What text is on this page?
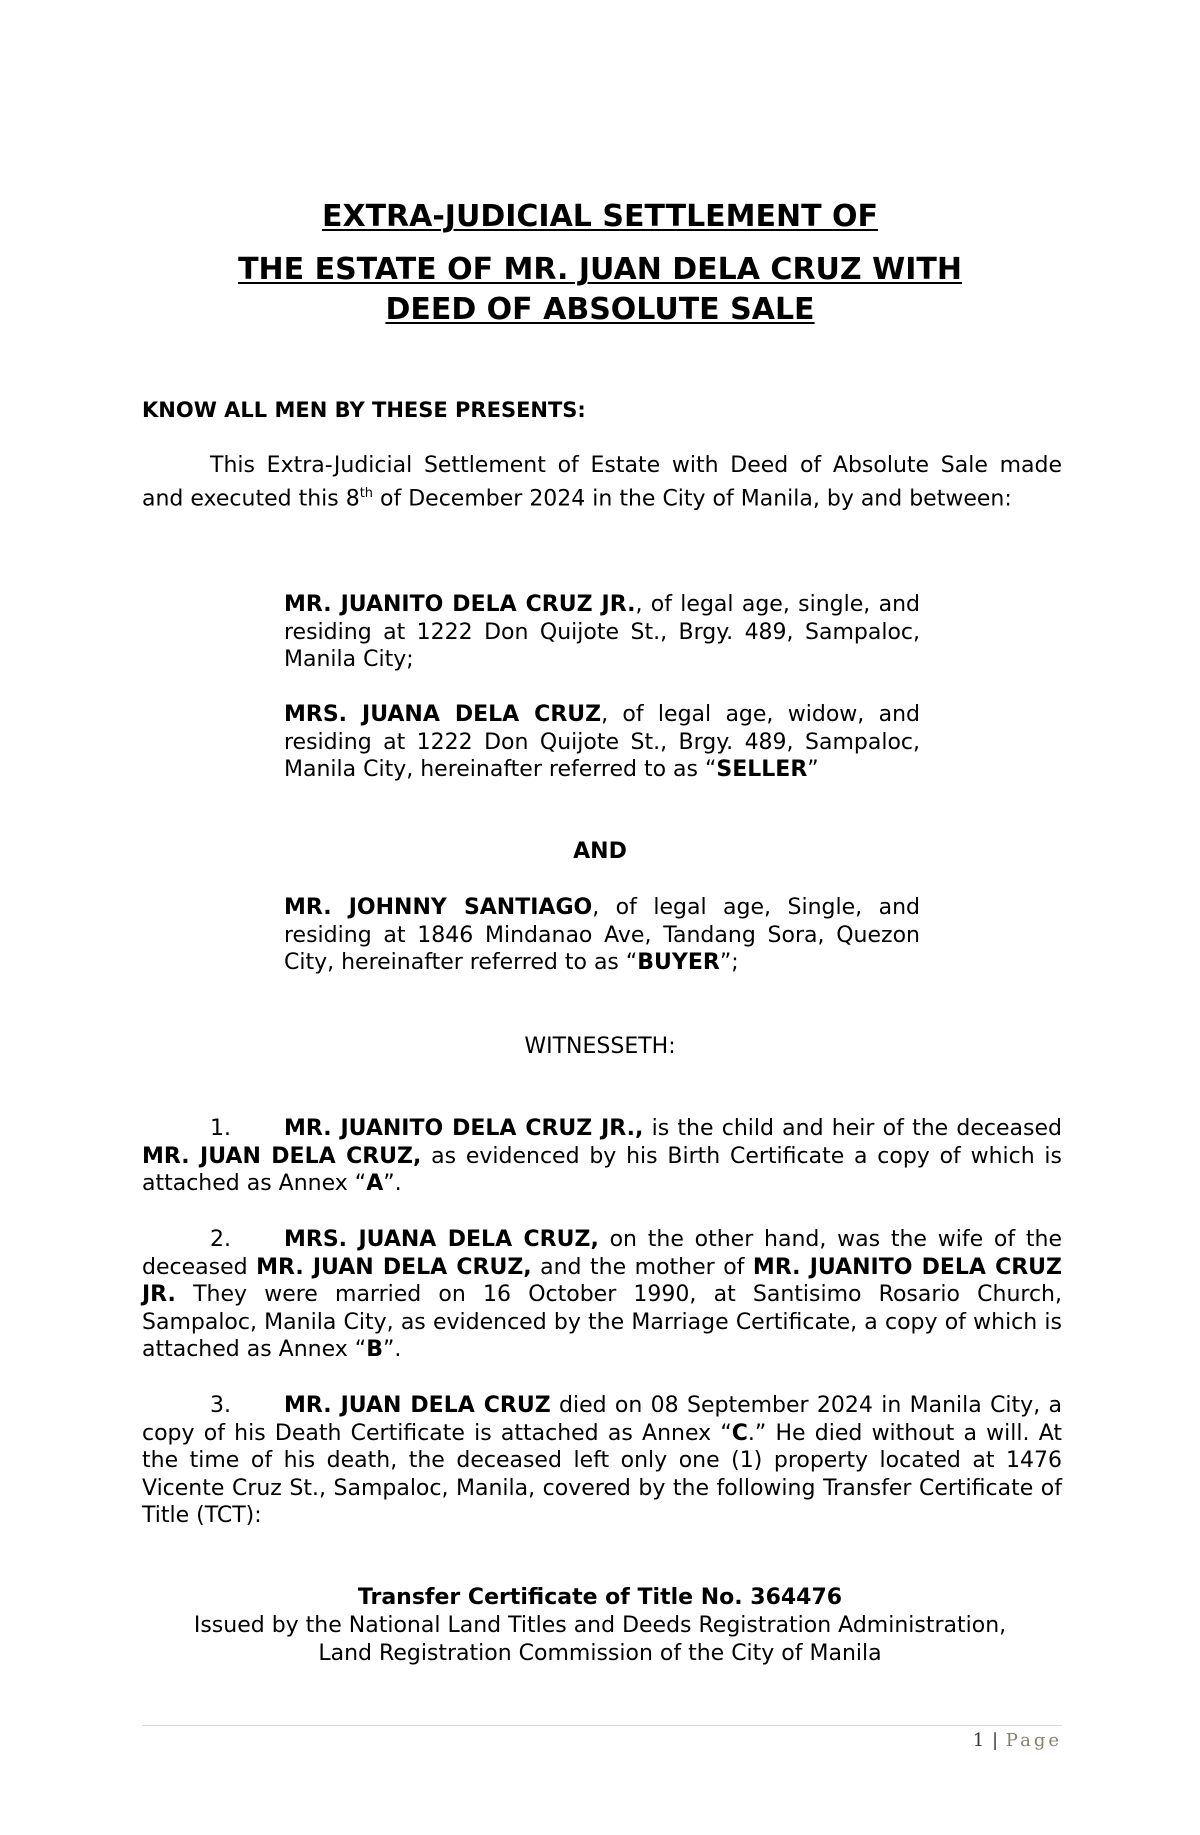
EXTRA-JUDICIAL SETTLEMENT OF
THE ESTATE OF MR. JUAN DELA CRUZ WITH
DEED OF ABSOLUTE SALE
KNOW ALL MEN BY THESE PRESENTS:
This Extra-Judicial Settlement of Estate with Deed of Absolute Sale made and executed this 8th of December 2024 in the City of Manila, by and between:
MR. JUANITO DELA CRUZ JR., of legal age, single, and residing at 1222 Don Quijote St., Brgy. 489, Sampaloc, Manila City;
MRS. JUANA DELA CRUZ, of legal age, widow, and residing at 1222 Don Quijote St., Brgy. 489, Sampaloc, Manila City, hereinafter referred to as “SELLER”
AND
MR. JOHNNY SANTIAGO, of legal age, Single, and residing at 1846 Mindanao Ave, Tandang Sora, Quezon City, hereinafter referred to as “BUYER”;
WITNESSETH:
1. MR. JUANITO DELA CRUZ JR., is the child and heir of the deceased MR. JUAN DELA CRUZ, as evidenced by his Birth Certificate a copy of which is attached as Annex “A”.
2. MRS. JUANA DELA CRUZ, on the other hand, was the wife of the deceased MR. JUAN DELA CRUZ, and the mother of MR. JUANITO DELA CRUZ JR. They were married on 16 October 1990, at Santisimo Rosario Church, Sampaloc, Manila City, as evidenced by the Marriage Certificate, a copy of which is attached as Annex “B”.
3. MR. JUAN DELA CRUZ died on 08 September 2024 in Manila City, a copy of his Death Certificate is attached as Annex “C.” He died without a will. At the time of his death, the deceased left only one (1) property located at 1476 Vicente Cruz St., Sampaloc, Manila, covered by the following Transfer Certificate of Title (TCT):
Transfer Certificate of Title No. 364476
Issued by the National Land Titles and Deeds Registration Administration,
Land Registration Commission of the City of Manila
1 | Page
